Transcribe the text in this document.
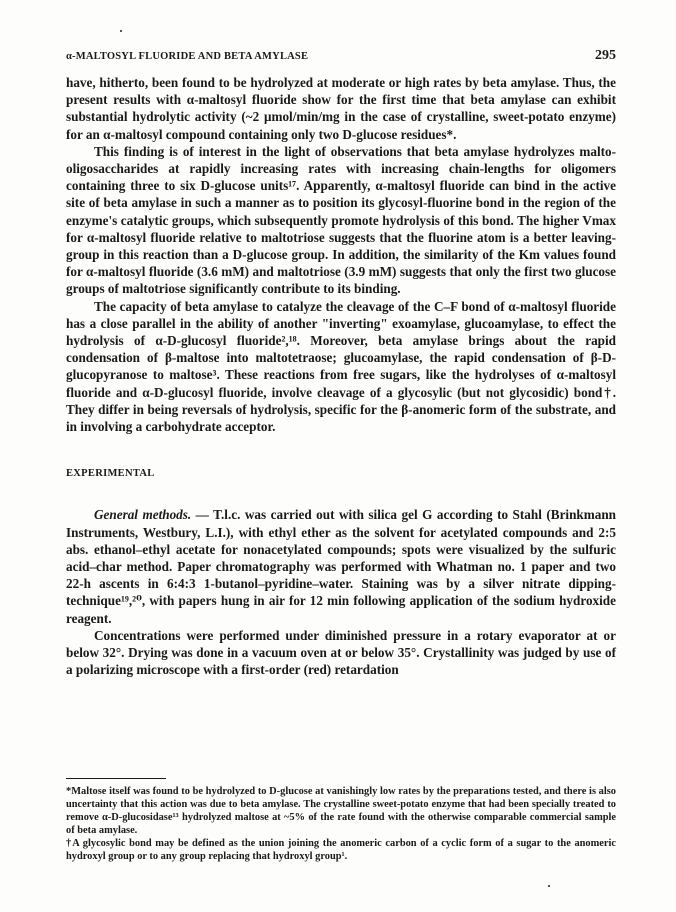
α-MALTOSYL FLUORIDE AND BETA AMYLASE	295

have, hitherto, been found to be hydrolyzed at moderate or high rates by beta amylase. Thus, the present results with α-maltosyl fluoride show for the first time that beta amylase can exhibit substantial hydrolytic activity (~2 μmol/min/mg in the case of crystalline, sweet-potato enzyme) for an α-maltosyl compound containing only two D-glucose residues*.

This finding is of interest in the light of observations that beta amylase hydrolyzes malto-oligosaccharides at rapidly increasing rates with increasing chain-lengths for oligomers containing three to six D-glucose units¹⁷. Apparently, α-maltosyl fluoride can bind in the active site of beta amylase in such a manner as to position its glycosyl-fluorine bond in the region of the enzyme's catalytic groups, which subsequently promote hydrolysis of this bond. The higher Vmax for α-maltosyl fluoride relative to maltotriose suggests that the fluorine atom is a better leaving-group in this reaction than a D-glucose group. In addition, the similarity of the Km values found for α-maltosyl fluoride (3.6 mM) and maltotriose (3.9 mM) suggests that only the first two glucose groups of maltotriose significantly contribute to its binding.

The capacity of beta amylase to catalyze the cleavage of the C–F bond of α-maltosyl fluoride has a close parallel in the ability of another "inverting" exoamylase, glucoamylase, to effect the hydrolysis of α-D-glucosyl fluoride²,¹⁸. Moreover, beta amylase brings about the rapid condensation of β-maltose into maltotetraose; glucoamylase, the rapid condensation of β-D-glucopyranose to maltose³. These reactions from free sugars, like the hydrolyses of α-maltosyl fluoride and α-D-glucosyl fluoride, involve cleavage of a glycosylic (but not glycosidic) bond†. They differ in being reversals of hydrolysis, specific for the β-anomeric form of the substrate, and in involving a carbohydrate acceptor.

EXPERIMENTAL

General methods. — T.l.c. was carried out with silica gel G according to Stahl (Brinkmann Instruments, Westbury, L.I.), with ethyl ether as the solvent for acetylated compounds and 2:5 abs. ethanol–ethyl acetate for nonacetylated compounds; spots were visualized by the sulfuric acid–char method. Paper chromatography was performed with Whatman no. 1 paper and two 22-h ascents in 6:4:3 1-butanol–pyridine–water. Staining was by a silver nitrate dipping-technique¹⁹,²⁰, with papers hung in air for 12 min following application of the sodium hydroxide reagent.

Concentrations were performed under diminished pressure in a rotary evaporator at or below 32°. Drying was done in a vacuum oven at or below 35°. Crystallinity was judged by use of a polarizing microscope with a first-order (red) retardation

*Maltose itself was found to be hydrolyzed to D-glucose at vanishingly low rates by the preparations tested, and there is also uncertainty that this action was due to beta amylase. The crystalline sweet-potato enzyme that had been specially treated to remove α-D-glucosidase¹³ hydrolyzed maltose at ~5% of the rate found with the otherwise comparable commercial sample of beta amylase.

†A glycosylic bond may be defined as the union joining the anomeric carbon of a cyclic form of a sugar to the anomeric hydroxyl group or to any group replacing that hydroxyl group¹.
